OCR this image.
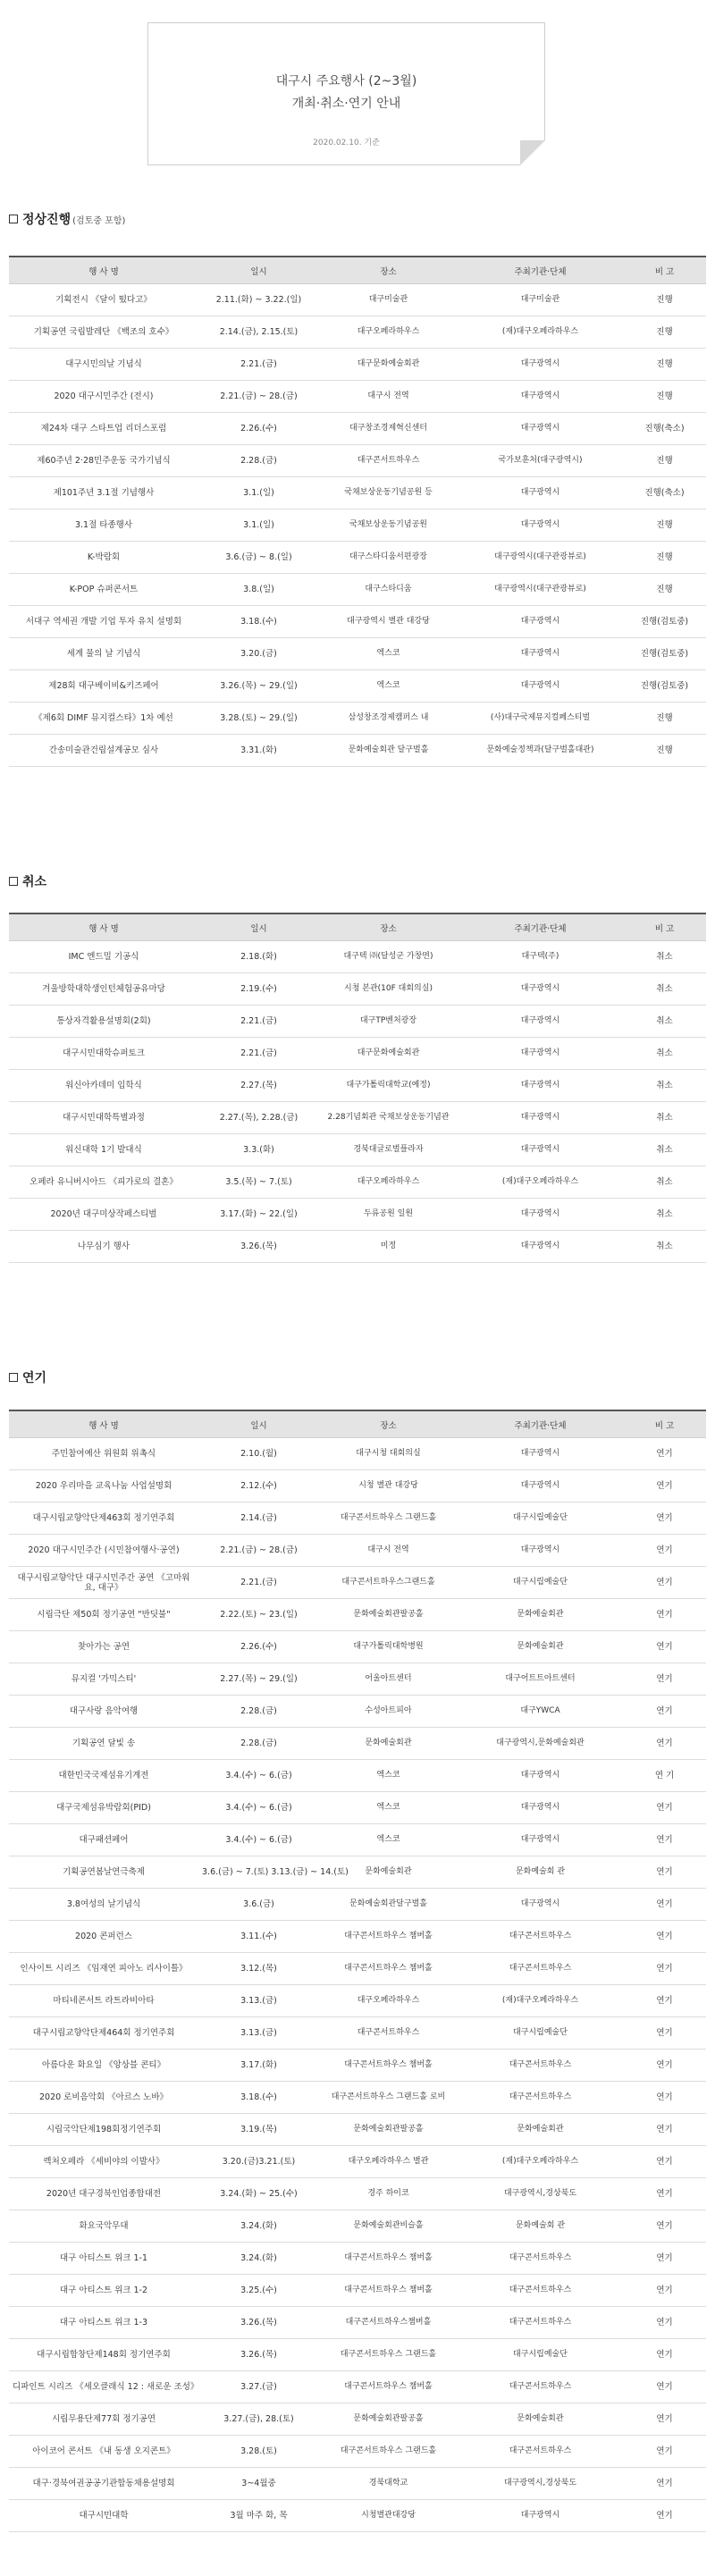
대구시 주요행사 (2~3월)
개최·취소·연기 안내
2020.02.10. 기준
정상진행 (검토중 포함)
행 사 명	일시	장소	주최기관·단체	비 고
기획전시 《달이 떴다고》	2.11.(화) ~ 3.22.(일)	대구미술관	대구미술관	진행
기획공연 국립발레단 《백조의 호수》	2.14.(금), 2.15.(토)	대구오페라하우스	(재)대구오페라하우스	진행
대구시민의날 기념식	2.21.(금)	대구문화예술회관	대구광역시	진행
2020 대구시민주간 (전시)	2.21.(금) ~ 28.(금)	대구시 전역	대구광역시	진행
제24차 대구 스타트업 리더스포럼	2.26.(수)	대구창조경제혁신센터	대구광역시	진행(축소)
제60주년 2·28민주운동 국가기념식	2.28.(금)	대구콘서트하우스	국가보훈처(대구광역시)	진행
제101주년 3.1절 기념행사	3.1.(일)	국채보상운동기념공원 등	대구광역시	진행(축소)
3.1절 타종행사	3.1.(일)	국채보상운동기념공원	대구광역시	진행
K-박람회	3.6.(금) ~ 8.(일)	대구스타디움서편광장	대구광역시(대구관광뷰로)	진행
K-POP 슈퍼콘서트	3.8.(일)	대구스타디움	대구광역시(대구관광뷰로)	진행
서대구 역세권 개발 기업 투자 유치 설명회	3.18.(수)	대구광역시 별관 대강당	대구광역시	진행(검토중)
세계 물의 날 기념식	3.20.(금)	엑스코	대구광역시	진행(검토중)
제28회 대구베이비&키즈페어	3.26.(목) ~ 29.(일)	엑스코	대구광역시	진행(검토중)
《제6회 DIMF 뮤지컬스타》1차 예선	3.28.(토) ~ 29.(일)	삼성창조경제캠퍼스 내	(사)대구국제뮤지컬페스티벌	진행
간송미술관건립설계공모 심사	3.31.(화)	문화예술회관 달구벌홀	문화예술정책과(달구벌홀대관)	진행
취소
행 사 명	일시	장소	주최기관·단체	비 고
IMC 엔드밀 기공식	2.18.(화)	대구텍 ㈜(달성군 가창면)	대구텍(주)	취소
겨울방학대학생인턴체험공유마당	2.19.(수)	시청 본관(10F 대회의실)	대구광역시	취소
통상자격활용설명회(2회)	2.21.(금)	대구TP벤처광장	대구광역시	취소
대구시민대학슈퍼토크	2.21.(금)	대구문화예술회관	대구광역시	취소
워신아카데미 입학식	2.27.(목)	대구가톨릭대학교(예정)	대구광역시	취소
대구시민대학특별과정	2.27.(목), 2.28.(금)	2.28기념회관 국채보상운동기념관	대구광역시	취소
워신대학 1기 발대식	3.3.(화)	경북대글로벌플라자	대구광역시	취소
오페라 유니버시아드 《피가로의 결혼》	3.5.(목) ~ 7.(토)	대구오페라하우스	(재)대구오페라하우스	취소
2020년 대구미상작페스티벌	3.17.(화) ~ 22.(일)	두류공원 일원	대구광역시	취소
나무심기 행사	3.26.(목)	미정	대구광역시	취소
연기
행 사 명	일시	장소	주최기관·단체	비 고
주민참여예산 위원회 위촉식	2.10.(월)	대구시청 대회의실	대구광역시	연기
2020 우리마을 교육나눔 사업설명회	2.12.(수)	시청 별관 대강당	대구광역시	연기
대구시립교향악단제463회 정기연주회	2.14.(금)	대구콘서트하우스 그랜드홀	대구시립예술단	연기
2020 대구시민주간 (시민참여행사·공연)	2.21.(금) ~ 28.(금)	대구시 전역	대구광역시	연기
대구시립교향악단 대구시민주간 공연 《고마워요, 대구》	2.21.(금)	대구콘서트하우스그랜드홀	대구시립예술단	연기
시립극단 제50회 정기공연 "반딧불"	2.22.(토) ~ 23.(일)	문화예술회관팔공홀	문화예술회관	연기
찾아가는 공연	2.26.(수)	대구가톨릭대학병원	문화예술회관	연기
뮤지컬 '가믹스티'	2.27.(목) ~ 29.(일)	어울아트센터	대구어트트아트센터	연기
대구사랑 음악여행	2.28.(금)	수성아트피아	대구YWCA	연기
기획공연 달빛 송	2.28.(금)	문화예술회관	대구광역시,문화예술회관	연기
대한민국국제섬유기계전	3.4.(수) ~ 6.(금)	엑스코	대구광역시	연 기
대구국제섬유박람회(PID)	3.4.(수) ~ 6.(금)	엑스코	대구광역시	연기
대구패션페어	3.4.(수) ~ 6.(금)	엑스코	대구광역시	연기
기획공연봄날연극축제	3.6.(금) ~ 7.(토) 3.13.(금) ~ 14.(토)	문화예술회관	문화예술회 관	연기
3.8여성의 날기념식	3.6.(금)	문화예술회관달구벌홀	대구광역시	연기
2020 콘퍼런스	3.11.(수)	대구콘서트하우스 챔버홀	대구콘서트하우스	연기
인사이트 시리즈 《임재연 피아노 리사이틀》	3.12.(목)	대구콘서트하우스 챔버홀	대구콘서트하우스	연기
마티네콘서트 라트라비아타	3.13.(금)	대구오페라하우스	(재)대구오페라하우스	연기
대구시립교향악단제464회 정기연주회	3.13.(금)	대구콘서트하우스	대구시립예술단	연기
아름다운 화요일 《앙상블 콘티》	3.17.(화)	대구콘서트하우스 챔버홀	대구콘서트하우스	연기
2020 로비음악회 《아르스 노바》	3.18.(수)	대구콘서트하우스 그랜드홀 로비	대구콘서트하우스	연기
시립국악단제198회정기연주회	3.19.(목)	문화예술회관팔공홀	문화예술회관	연기
렉처오페라 《세비야의 이발사》	3.20.(금)3.21.(토)	대구오페라하우스 별관	(재)대구오페라하우스	연기
2020년 대구경북인업종합대전	3.24.(화) ~ 25.(수)	경주 하이코	대구광역시,경상북도	연기
화요국악무대	3.24.(화)	문화예술회관비슬홀	문화예술회 관	연기
대구 아티스트 위크 1-1	3.24.(화)	대구콘서트하우스 챔버홀	대구콘서트하우스	연기
대구 아티스트 위크 1-2	3.25.(수)	대구콘서트하우스 챔버홀	대구콘서트하우스	연기
대구 아티스트 위크 1-3	3.26.(목)	대구콘서트하우스챔버홀	대구콘서트하우스	연기
대구시립합창단제148회 정기연주회	3.26.(목)	대구콘서트하우스 그랜드홀	대구시립예술단	연기
디파인트 시리즈 《세오클래식 12 : 새로운 조성》	3.27.(금)	대구콘서트하우스 챔버홀	대구콘서트하우스	연기
시립무용단제77회 정기공연	3.27.(금), 28.(토)	문화예술회관팔공홀	문화예술회관	연기
아이코어 콘서트 《내 동생 오지콘트》	3.28.(토)	대구콘서트하우스 그랜드홀	대구콘서트하우스	연기
대구·경북여권공공기관합동채용설명회	3~4월중	경북대학교	대구광역시,경상북도	연기
대구시민대학	3월 마주 화, 목	시청별관대강당	대구광역시	연기
